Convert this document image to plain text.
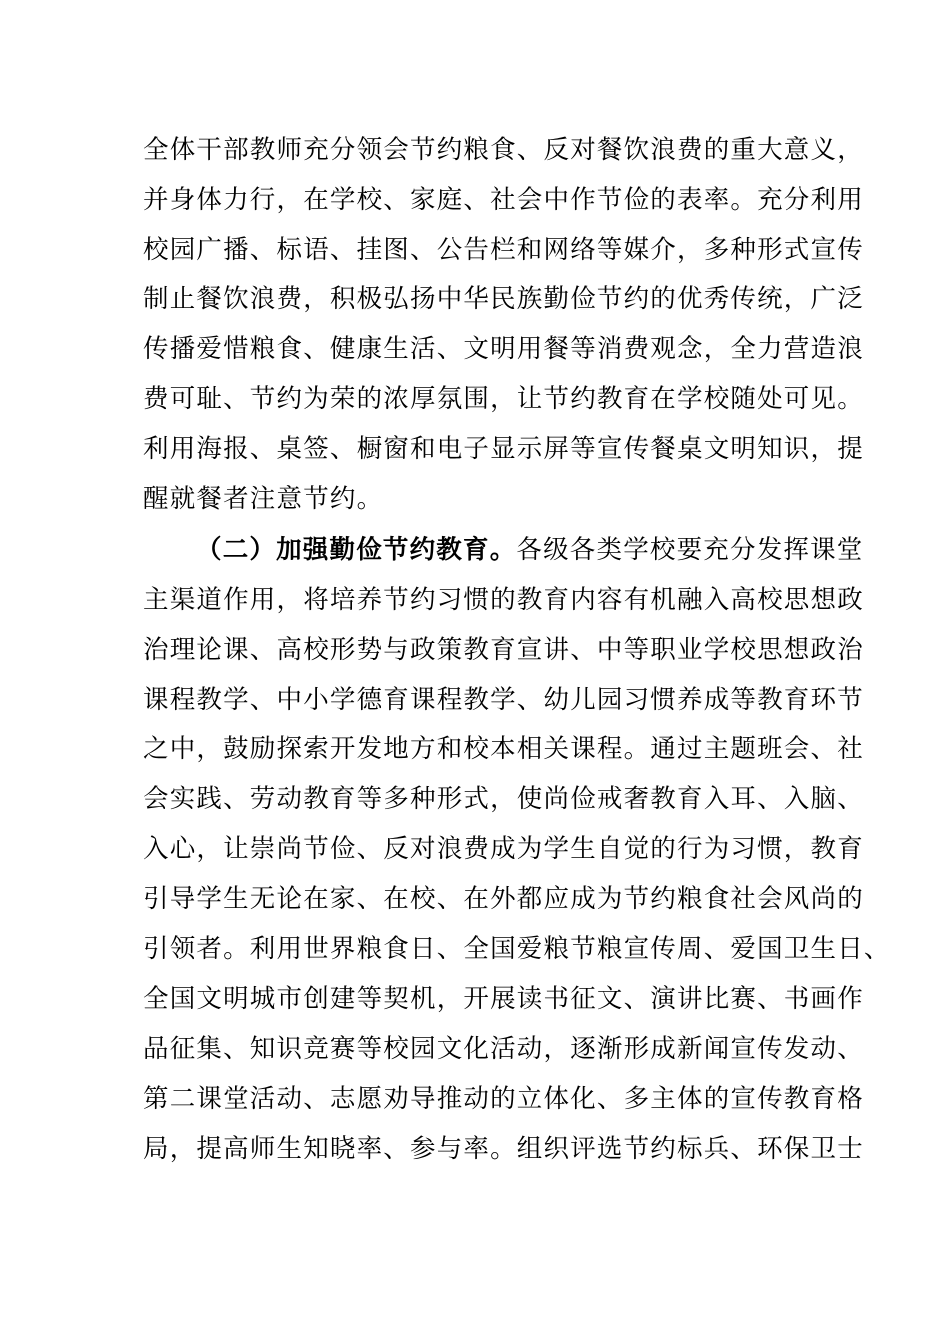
全体干部教师充分领会节约粮食、反对餐饮浪费的重大意义，
并身体力行，在学校、家庭、社会中作节俭的表率。充分利用
校园广播、标语、挂图、公告栏和网络等媒介，多种形式宣传
制止餐饮浪费，积极弘扬中华民族勤俭节约的优秀传统，广泛
传播爱惜粮食、健康生活、文明用餐等消费观念，全力营造浪
费可耻、节约为荣的浓厚氛围，让节约教育在学校随处可见。
利用海报、桌签、橱窗和电子显示屏等宣传餐桌文明知识，提
醒就餐者注意节约。
（二）加强勤俭节约教育。各级各类学校要充分发挥课堂
主渠道作用，将培养节约习惯的教育内容有机融入高校思想政
治理论课、高校形势与政策教育宣讲、中等职业学校思想政治
课程教学、中小学德育课程教学、幼儿园习惯养成等教育环节
之中，鼓励探索开发地方和校本相关课程。通过主题班会、社
会实践、劳动教育等多种形式，使尚俭戒奢教育入耳、入脑、
入心，让崇尚节俭、反对浪费成为学生自觉的行为习惯，教育
引导学生无论在家、在校、在外都应成为节约粮食社会风尚的
引领者。利用世界粮食日、全国爱粮节粮宣传周、爱国卫生日、
全国文明城市创建等契机，开展读书征文、演讲比赛、书画作
品征集、知识竞赛等校园文化活动，逐渐形成新闻宣传发动、
第二课堂活动、志愿劝导推动的立体化、多主体的宣传教育格
局，提高师生知晓率、参与率。组织评选节约标兵、环保卫士
